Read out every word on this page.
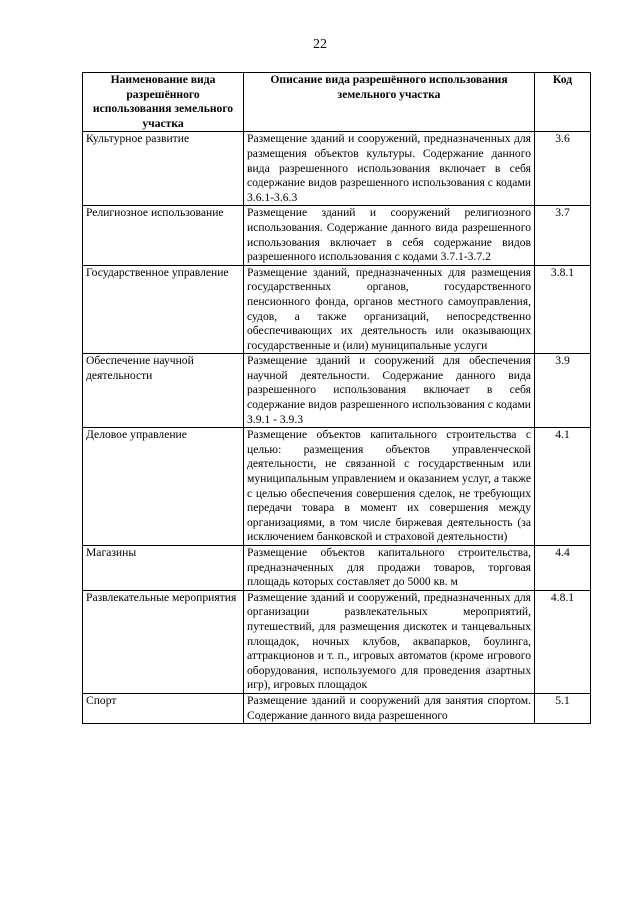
22
Наименование вида разрешённого использования земельного участка	Описание вида разрешённого использования земельного участка	Код
Культурное развитие	Размещение зданий и сооружений, предназначенных для размещения объектов культуры. Содержание данного вида разрешенного использования включает в себя содержание видов разрешенного использования с кодами 3.6.1-3.6.3	3.6
Религиозное использование	Размещение зданий и сооружений религиозного использования. Содержание данного вида разрешенного использования включает в себя содержание видов разрешенного использования с кодами 3.7.1-3.7.2	3.7
Государственное управление	Размещение зданий, предназначенных для размещения государственных органов, государственного пенсионного фонда, органов местного самоуправления, судов, а также организаций, непосредственно обеспечивающих их деятельность или оказывающих государственные и (или) муниципальные услуги	3.8.1
Обеспечение научной деятельности	Размещение зданий и сооружений для обеспечения научной деятельности. Содержание данного вида разрешенного использования включает в себя содержание видов разрешенного использования с кодами 3.9.1 - 3.9.3	3.9
Деловое управление	Размещение объектов капитального строительства с целью: размещения объектов управленческой деятельности, не связанной с государственным или муниципальным управлением и оказанием услуг, а также с целью обеспечения совершения сделок, не требующих передачи товара в момент их совершения между организациями, в том числе биржевая деятельность (за исключением банковской и страховой деятельности)	4.1
Магазины	Размещение объектов капитального строительства, предназначенных для продажи товаров, торговая площадь которых составляет до 5000 кв. м	4.4
Развлекательные мероприятия	Размещение зданий и сооружений, предназначенных для организации развлекательных мероприятий, путешествий, для размещения дискотек и танцевальных площадок, ночных клубов, аквапарков, боулинга, аттракционов и т. п., игровых автоматов (кроме игрового оборудования, используемого для проведения азартных игр), игровых площадок	4.8.1
Спорт	Размещение зданий и сооружений для занятия спортом. Содержание данного вида разрешенного	5.1
